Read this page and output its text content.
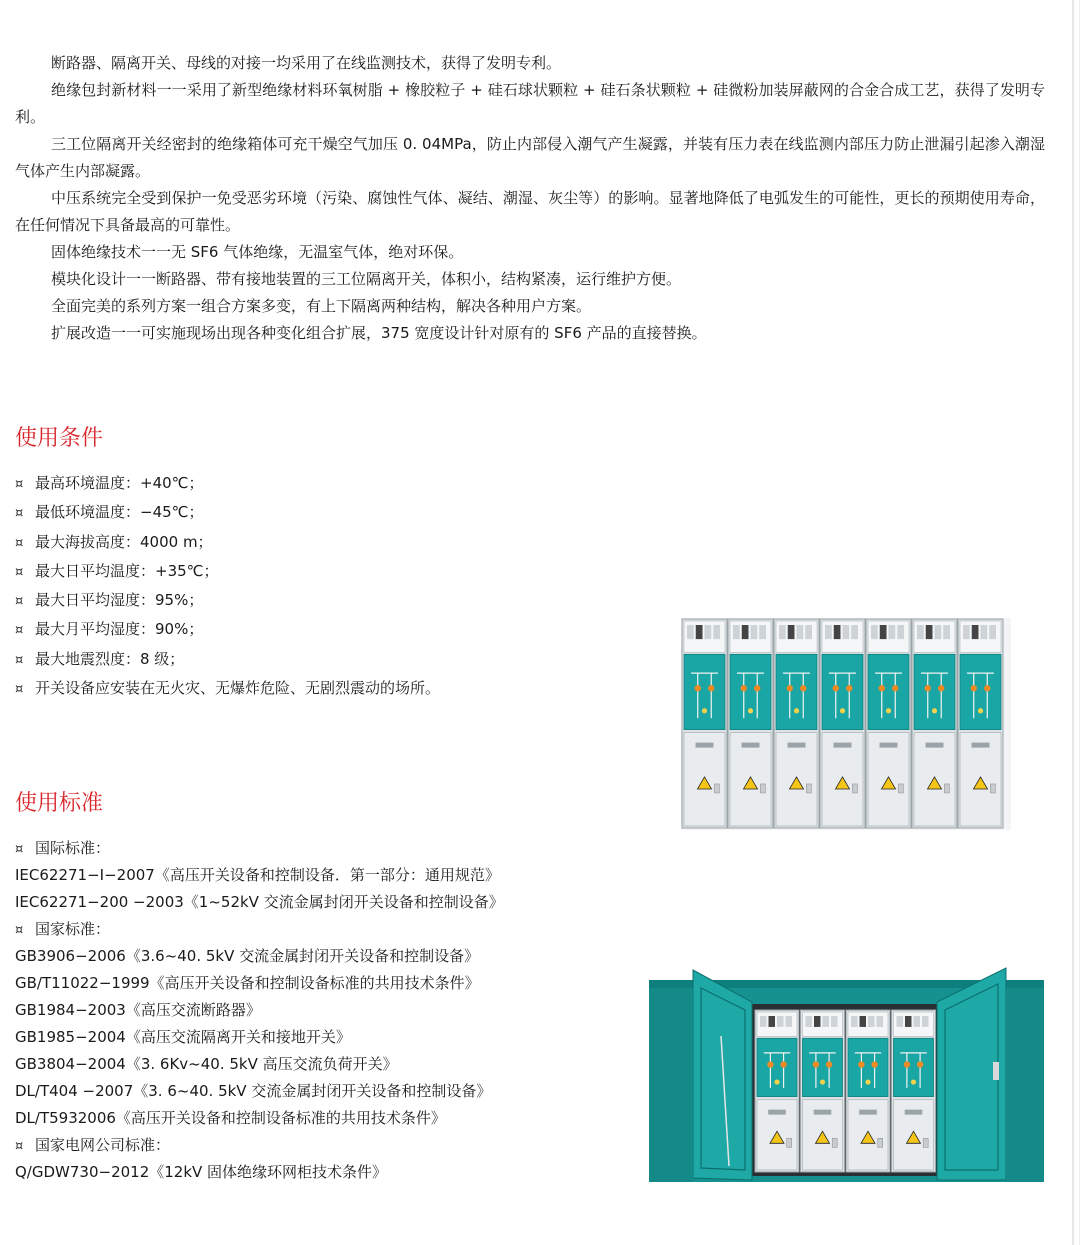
断路器、隔离开关、母线的对接一均采用了在线监测技术，获得了发明专利。

绝缘包封新材料一一采用了新型绝缘材料环氧树脂 + 橡胶粒子 + 硅石球状颗粒 + 硅石条状颗粒 + 硅微粉加装屏蔽网的合金合成工艺，获得了发明专利。

三工位隔离开关经密封的绝缘箱体可充干燥空气加压 0. 04MPa，防止内部侵入潮气产生凝露，并装有压力表在线监测内部压力防止泄漏引起渗入潮湿气体产生内部凝露。

中压系统完全受到保护一免受恶劣环境（污染、腐蚀性气体、凝结、潮湿、灰尘等）的影响。显著地降低了电弧发生的可能性，更长的预期使用寿命，在任何情况下具备最高的可靠性。

固体绝缘技术一一无 SF6 气体绝缘，无温室气体，绝对环保。

模块化设计一一断路器、带有接地装置的三工位隔离开关，体积小，结构紧凑，运行维护方便。

全面完美的系列方案一组合方案多变，有上下隔离两种结构，解决各种用户方案。

扩展改造一一可实施现场出现各种变化组合扩展，375 宽度设计针对原有的 SF6 产品的直接替换。

使用条件
¤ 最高环境温度：+40℃；
¤ 最低环境温度：−45℃；
¤ 最大海拔高度：4000 m；
¤ 最大日平均温度：+35℃；
¤ 最大日平均湿度：95%；
¤ 最大月平均湿度：90%；
¤ 最大地震烈度：8 级；
¤ 开关设备应安装在无火灾、无爆炸危险、无剧烈震动的场所。
使用标准
¤ 国际标准：
IEC62271−I−2007《高压开关设备和控制设备．第一部分：通用规范》
IEC62271−200 −2003《1~52kV 交流金属封闭开关设备和控制设备》
¤ 国家标准：
GB3906−2006《3.6~40. 5kV 交流金属封闭开关设备和控制设备》
GB/T11022−1999《高压开关设备和控制设备标准的共用技术条件》
GB1984−2003《高压交流断路器》
GB1985−2004《高压交流隔离开关和接地开关》
GB3804−2004《3. 6Kv~40. 5kV 高压交流负荷开关》
DL/T404 −2007《3. 6~40. 5kV 交流金属封闭开关设备和控制设备》
DL/T5932006《高压开关设备和控制设备标准的共用技术条件》
¤ 国家电网公司标准：
Q/GDW730−2012《12kV 固体绝缘环网柜技术条件》
